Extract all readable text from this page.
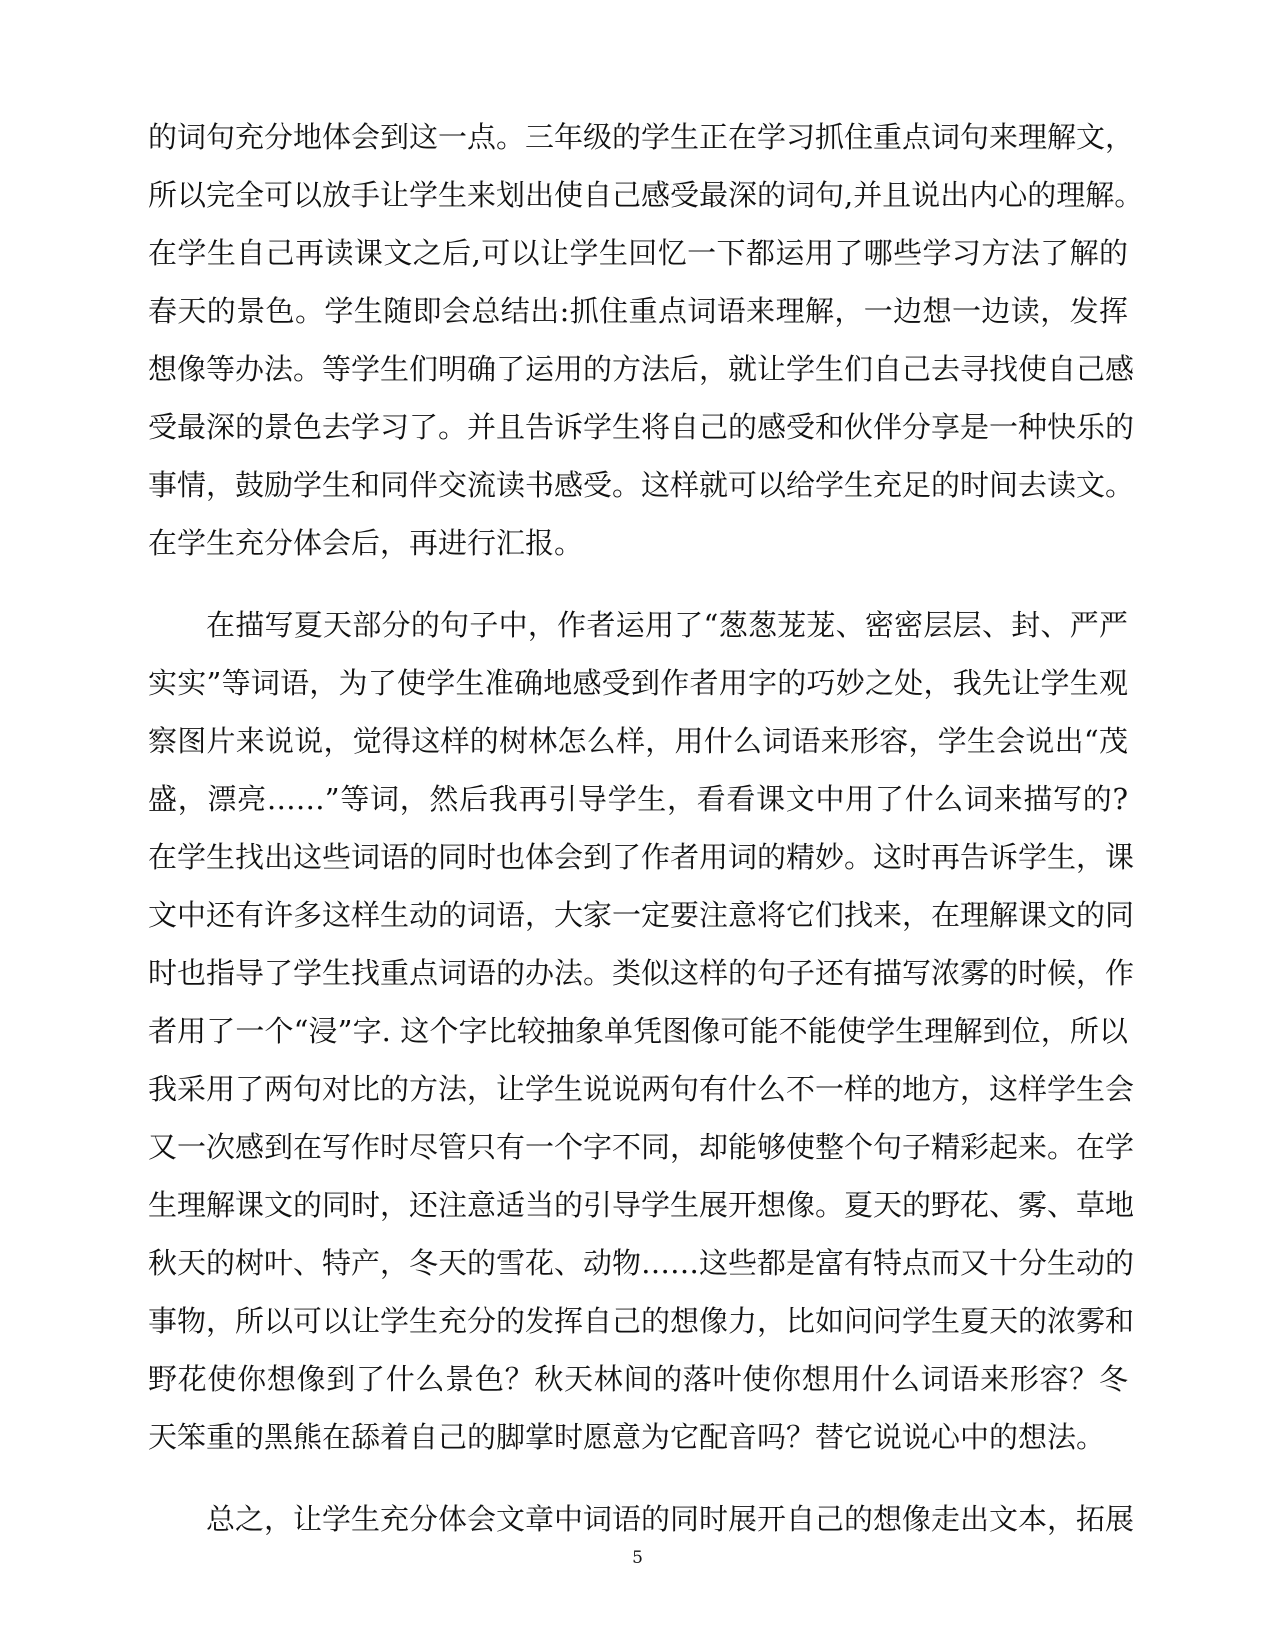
的词句充分地体会到这一点。三年级的学生正在学习抓住重点词句来理解文，
所以完全可以放手让学生来划出使自己感受最深的词句,并且说出内心的理解。
在学生自己再读课文之后,可以让学生回忆一下都运用了哪些学习方法了解的
春天的景色。学生随即会总结出:抓住重点词语来理解，一边想一边读，发挥
想像等办法。等学生们明确了运用的方法后，就让学生们自己去寻找使自己感
受最深的景色去学习了。并且告诉学生将自己的感受和伙伴分享是一种快乐的
事情，鼓励学生和同伴交流读书感受。这样就可以给学生充足的时间去读文。
在学生充分体会后，再进行汇报。
在描写夏天部分的句子中，作者运用了“葱葱茏茏、密密层层、封、严严
实实”等词语，为了使学生准确地感受到作者用字的巧妙之处，我先让学生观
察图片来说说，觉得这样的树林怎么样，用什么词语来形容，学生会说出“茂
盛，漂亮……”等词，然后我再引导学生，看看课文中用了什么词来描写的?
在学生找出这些词语的同时也体会到了作者用词的精妙。这时再告诉学生，课
文中还有许多这样生动的词语，大家一定要注意将它们找来，在理解课文的同
时也指导了学生找重点词语的办法。类似这样的句子还有描写浓雾的时候，作
者用了一个“浸”字. 这个字比较抽象单凭图像可能不能使学生理解到位，所以
我采用了两句对比的方法，让学生说说两句有什么不一样的地方，这样学生会
又一次感到在写作时尽管只有一个字不同，却能够使整个句子精彩起来。在学
生理解课文的同时，还注意适当的引导学生展开想像。夏天的野花、雾、草地
秋天的树叶、特产，冬天的雪花、动物……这些都是富有特点而又十分生动的
事物，所以可以让学生充分的发挥自己的想像力，比如问问学生夏天的浓雾和
野花使你想像到了什么景色？秋天林间的落叶使你想用什么词语来形容？冬
天笨重的黑熊在舔着自己的脚掌时愿意为它配音吗？替它说说心中的想法。
总之，让学生充分体会文章中词语的同时展开自己的想像走出文本，拓展
5
